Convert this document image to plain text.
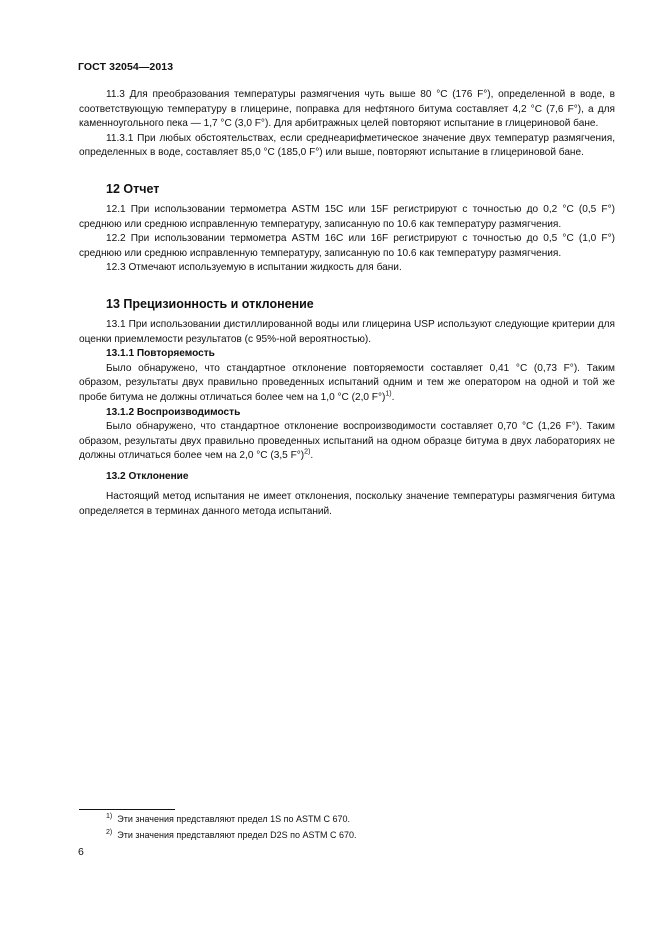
ГОСТ 32054—2013

11.3 Для преобразования температуры размягчения чуть выше 80 °С (176 F°), определенной в воде, в соответствующую температуру в глицерине, поправка для нефтяного битума составляет 4,2 °С (7,6 F°), а для каменноугольного пека — 1,7 °С (3,0 F°). Для арбитражных целей повторяют испытание в глицериновой бане.

11.3.1 При любых обстоятельствах, если среднеарифметическое значение двух температур размягчения, определенных в воде, составляет 85,0 °С (185,0 F°) или выше, повторяют испытание в глицериновой бане.

12 Отчет

12.1 При использовании термометра ASTM 15С или 15F регистрируют с точностью до 0,2 °С (0,5 F°) среднюю или среднюю исправленную температуру, записанную по 10.6 как температуру размягчения.

12.2 При использовании термометра ASTM 16С или 16F регистрируют с точностью до 0,5 °С (1,0 F°) среднюю или среднюю исправленную температуру, записанную по 10.6 как температуру размягчения.

12.3 Отмечают используемую в испытании жидкость для бани.

13 Прецизионность и отклонение

13.1 При использовании дистиллированной воды или глицерина USP используют следующие критерии для оценки приемлемости результатов (с 95%-ной вероятностью).

13.1.1 Повторяемость

Было обнаружено, что стандартное отклонение повторяемости составляет 0,41 °С (0,73 F°). Таким образом, результаты двух правильно проведенных испытаний одним и тем же оператором на одной и той же пробе битума не должны отличаться более чем на 1,0 °С (2,0 F°)$^{1)}$.

13.1.2 Воспроизводимость

Было обнаружено, что стандартное отклонение воспроизводимости составляет 0,70 °С (1,26 F°). Таким образом, результаты двух правильно проведенных испытаний на одном образце битума в двух лабораториях не должны отличаться более чем на 2,0 °С (3,5 F°)$^{2)}$.

13.2 Отклонение

Настоящий метод испытания не имеет отклонения, поскольку значение температуры размягчения битума определяется в терминах данного метода испытаний.

$^{1)}$ Эти значения представляют предел 1S по ASTM С 670.
$^{2)}$ Эти значения представляют предел D2S по ASTM С 670.
6
